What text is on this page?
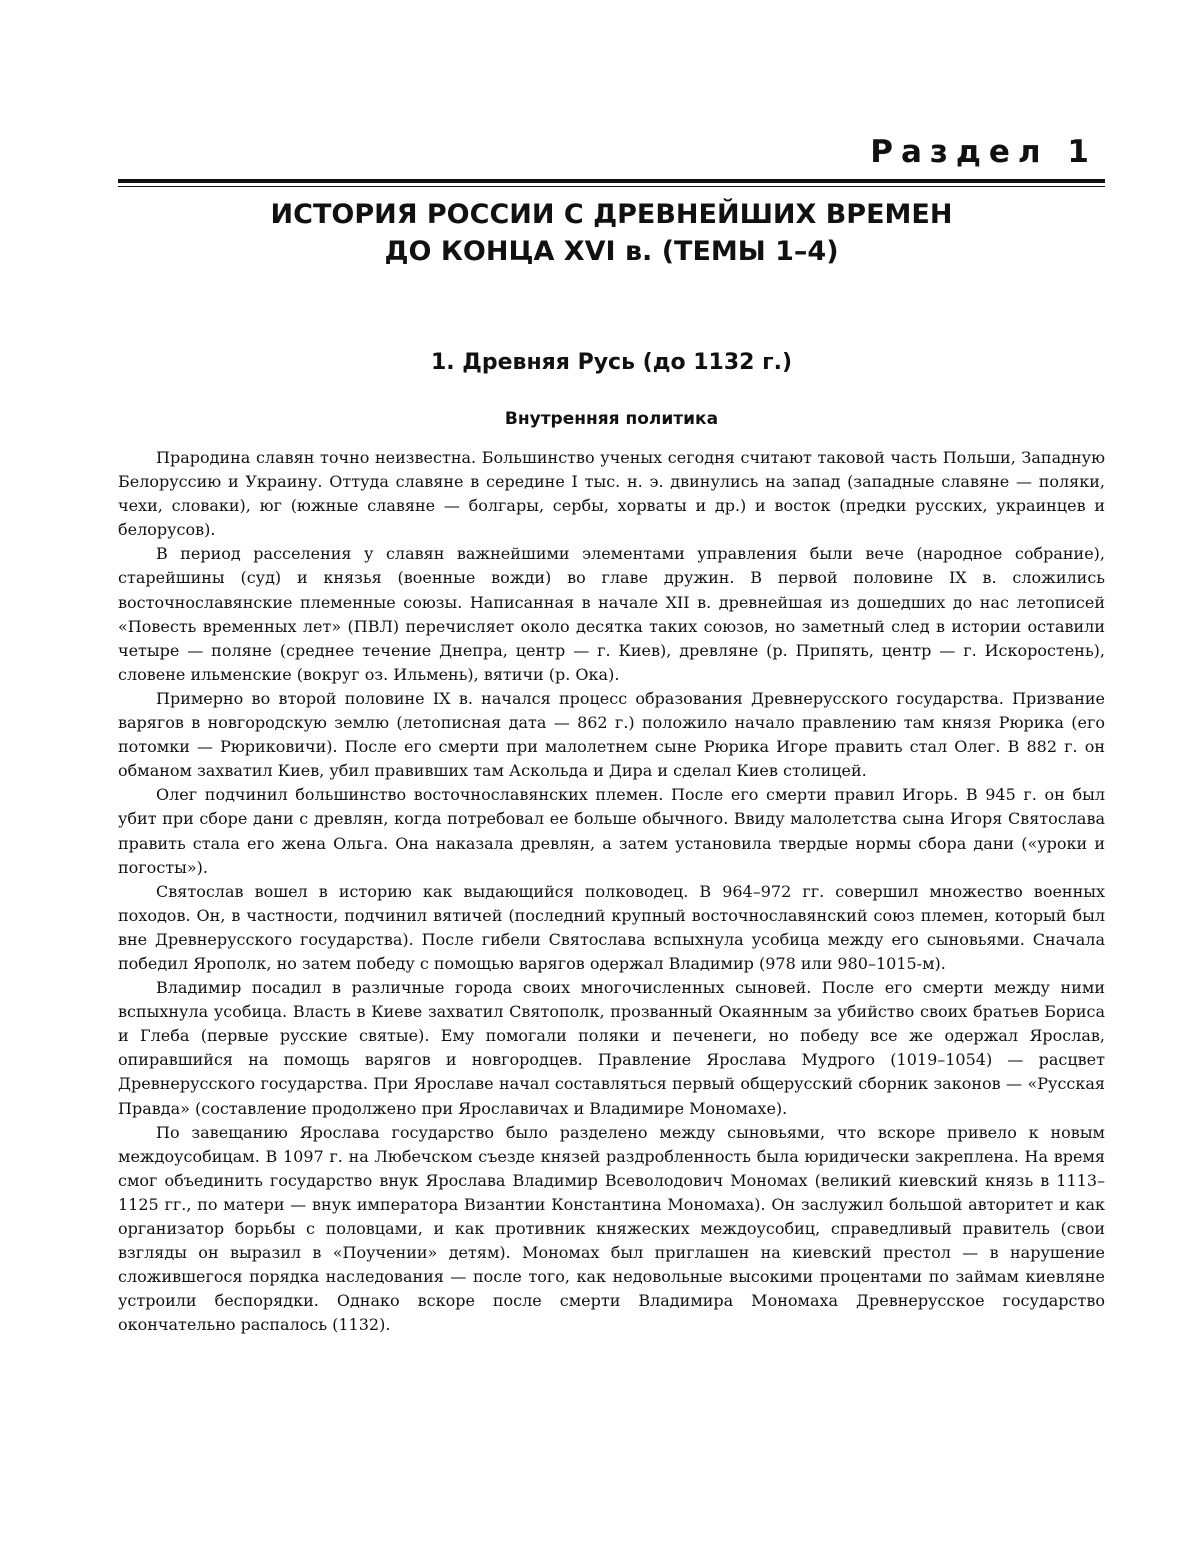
Раздел 1
ИСТОРИЯ РОССИИ С ДРЕВНЕЙШИХ ВРЕМЕН
ДО КОНЦА XVI в. (ТЕМЫ 1–4)
1. Древняя Русь (до 1132 г.)
Внутренняя политика

Прародина славян точно неизвестна. Большинство ученых сегодня считают таковой часть Польши, Западную Белоруссию и Украину. Оттуда славяне в середине I тыс. н. э. двинулись на запад (западные славяне — поляки, чехи, словаки), юг (южные славяне — болгары, сербы, хорваты и др.) и восток (предки русских, украинцев и белорусов).

В период расселения у славян важнейшими элементами управления были вече (народное собрание), старейшины (суд) и князья (военные вожди) во главе дружин. В первой половине IX в. сложились восточнославянские племенные союзы. Написанная в начале XII в. древнейшая из дошедших до нас летописей «Повесть временных лет» (ПВЛ) перечисляет около десятка таких союзов, но заметный след в истории оставили четыре — поляне (среднее течение Днепра, центр — г. Киев), древляне (р. Припять, центр — г. Искоростень), словене ильменские (вокруг оз. Ильмень), вятичи (р. Ока).

Примерно во второй половине IX в. начался процесс образования Древнерусского государства. Призвание варягов в новгородскую землю (летописная дата — 862 г.) положило начало правлению там князя Рюрика (его потомки — Рюриковичи). После его смерти при малолетнем сыне Рюрика Игоре править стал Олег. В 882 г. он обманом захватил Киев, убил правивших там Аскольда и Дира и сделал Киев столицей.

Олег подчинил большинство восточнославянских племен. После его смерти правил Игорь. В 945 г. он был убит при сборе дани с древлян, когда потребовал ее больше обычного. Ввиду малолетства сына Игоря Святослава править стала его жена Ольга. Она наказала древлян, а затем установила твердые нормы сбора дани («уроки и погосты»).

Святослав вошел в историю как выдающийся полководец. В 964–972 гг. совершил множество военных походов. Он, в частности, подчинил вятичей (последний крупный восточнославянский союз племен, который был вне Древнерусского государства). После гибели Святослава вспыхнула усобица между его сыновьями. Сначала победил Ярополк, но затем победу с помощью варягов одержал Владимир (978 или 980–1015-м).

Владимир посадил в различные города своих многочисленных сыновей. После его смерти между ними вспыхнула усобица. Власть в Киеве захватил Святополк, прозванный Окаянным за убийство своих братьев Бориса и Глеба (первые русские святые). Ему помогали поляки и печенеги, но победу все же одержал Ярослав, опиравшийся на помощь варягов и новгородцев. Правление Ярослава Мудрого (1019–1054) — расцвет Древнерусского государства. При Ярославе начал составляться первый общерусский сборник законов — «Русская Правда» (составление продолжено при Ярославичах и Владимире Мономахе).

По завещанию Ярослава государство было разделено между сыновьями, что вскоре привело к новым междоусобицам. В 1097 г. на Любечском съезде князей раздробленность была юридически закреплена. На время смог объединить государство внук Ярослава Владимир Всеволодович Мономах (великий киевский князь в 1113–1125 гг., по матери — внук императора Византии Константина Мономаха). Он заслужил большой авторитет и как организатор борьбы с половцами, и как противник княжеских междоусобиц, справедливый правитель (свои взгляды он выразил в «Поучении» детям). Мономах был приглашен на киевский престол — в нарушение сложившегося порядка наследования — после того, как недовольные высокими процентами по займам киевляне устроили беспорядки. Однако вскоре после смерти Владимира Мономаха Древнерусское государство окончательно распалось (1132).
